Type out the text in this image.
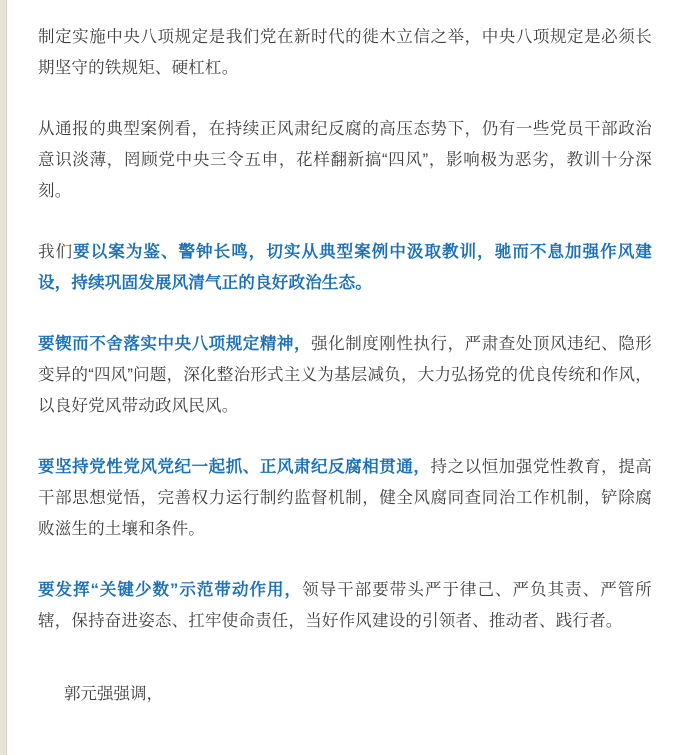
制定实施中央八项规定是我们党在新时代的徙木立信之举，中央八项规定是必须长期坚守的铁规矩、硬杠杠。

从通报的典型案例看，在持续正风肃纪反腐的高压态势下，仍有一些党员干部政治意识淡薄，罔顾党中央三令五申，花样翻新搞“四风”，影响极为恶劣，教训十分深刻。

我们要以案为鉴、警钟长鸣，切实从典型案例中汲取教训，驰而不息加强作风建设，持续巩固发展风清气正的良好政治生态。

要锲而不舍落实中央八项规定精神，强化制度刚性执行，严肃查处顶风违纪、隐形变异的“四风”问题，深化整治形式主义为基层减负，大力弘扬党的优良传统和作风，以良好党风带动政风民风。

要坚持党性党风党纪一起抓、正风肃纪反腐相贯通，持之以恒加强党性教育，提高干部思想觉悟，完善权力运行制约监督机制，健全风腐同查同治工作机制，铲除腐败滋生的土壤和条件。

要发挥“关键少数”示范带动作用，领导干部要带头严于律己、严负其责、严管所辖，保持奋进姿态、扛牢使命责任，当好作风建设的引领者、推动者、践行者。

郭元强强调，
